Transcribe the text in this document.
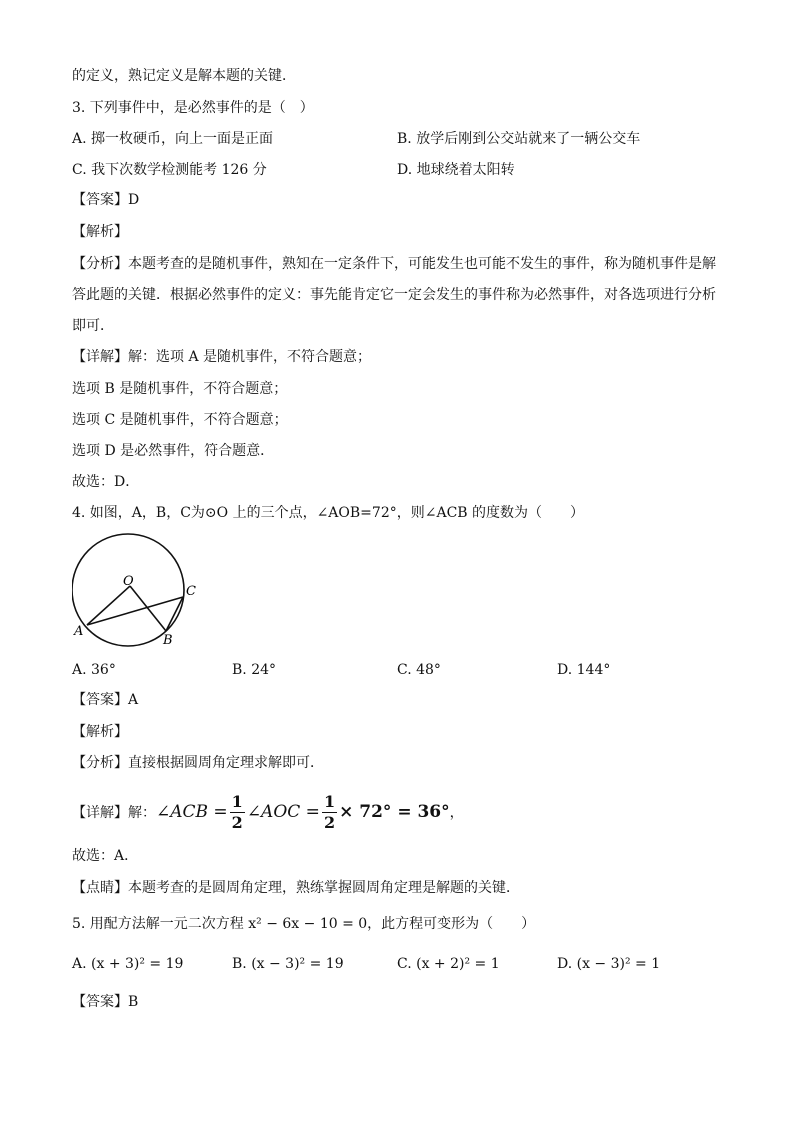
的定义，熟记定义是解本题的关键．
3. 下列事件中，是必然事件的是（　）
A. 掷一枚硬币，向上一面是正面	B. 放学后刚到公交站就来了一辆公交车
C. 我下次数学检测能考 126 分	D. 地球绕着太阳转
【答案】D
【解析】
【分析】本题考查的是随机事件，熟知在一定条件下，可能发生也可能不发生的事件，称为随机事件是解
答此题的关键．根据必然事件的定义：事先能肯定它一定会发生的事件称为必然事件，对各选项进行分析
即可．
【详解】解：选项 A 是随机事件，不符合题意；
选项 B 是随机事件，不符合题意；
选项 C 是随机事件，不符合题意；
选项 D 是必然事件，符合题意．
故选：D．
4. 如图，A，B，C为⊙O 上的三个点，∠AOB=72°，则∠ACB 的度数为（　　）
O
A
B
C
A. 36°	B. 24°	C. 48°	D. 144°
【答案】A
【解析】
【分析】直接根据圆周角定理求解即可．
【详解】解： ∠ACB = $\frac{1}{2}$ ∠AOC = $\frac{1}{2} \times 72^\circ = 36^\circ$ ，
故选：A．
【点睛】本题考查的是圆周角定理，熟练掌握圆周角定理是解题的关键．
5. 用配方法解一元二次方程 x² − 6x − 10 = 0，此方程可变形为（　　）
A. (x + 3)² = 19	B. (x − 3)² = 19	C. (x + 2)² = 1	D. (x − 3)² = 1
【答案】B
